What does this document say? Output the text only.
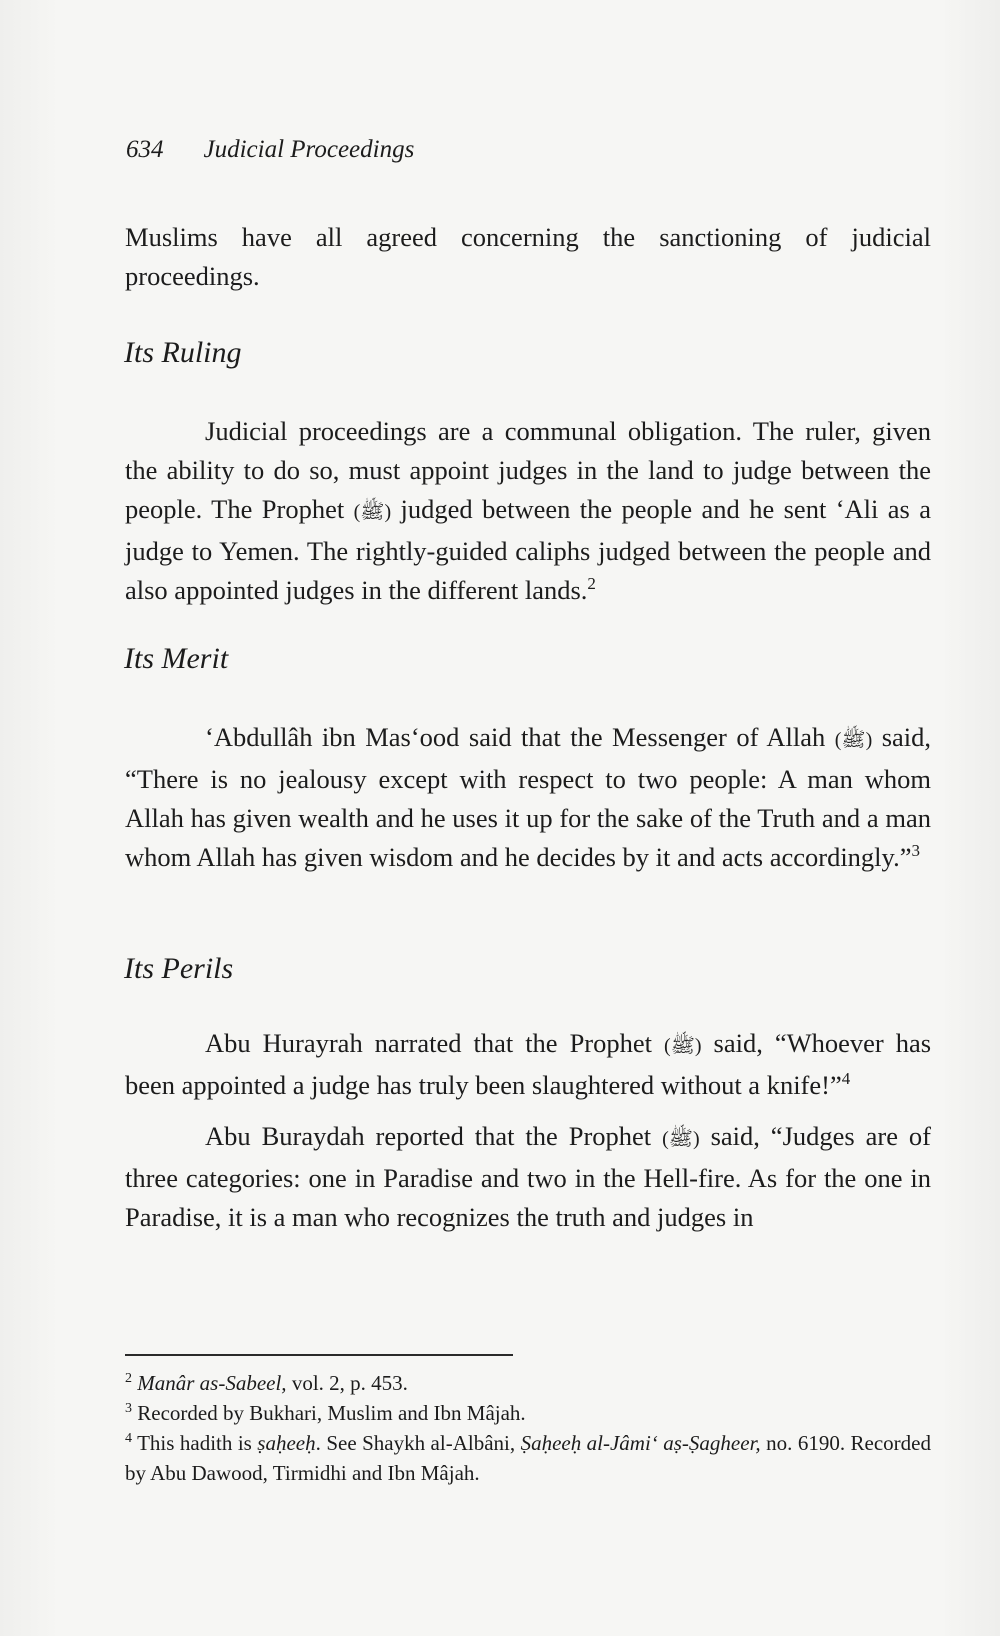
634 Judicial Proceedings

Muslims have all agreed concerning the sanctioning of judicial proceedings.

Its Ruling

Judicial proceedings are a communal obligation. The ruler, given the ability to do so, must appoint judges in the land to judge between the people. The Prophet (ﷺ) judged between the people and he sent ‘Ali as a judge to Yemen. The rightly-guided caliphs judged between the people and also appointed judges in the different lands.$^2$

Its Merit

‘Abdullâh ibn Mas‘ood said that the Messenger of Allah (ﷺ) said, “There is no jealousy except with respect to two people: A man whom Allah has given wealth and he uses it up for the sake of the Truth and a man whom Allah has given wisdom and he decides by it and acts accordingly.”$^3$

Its Perils

Abu Hurayrah narrated that the Prophet (ﷺ) said, “Whoever has been appointed a judge has truly been slaughtered without a knife!”$^4$

Abu Buraydah reported that the Prophet (ﷺ) said, “Judges are of three categories: one in Paradise and two in the Hell-fire. As for the one in Paradise, it is a man who recognizes the truth and judges in

$^2$ Manâr as-Sabeel, vol. 2, p. 453.

$^3$ Recorded by Bukhari, Muslim and Ibn Mâjah.

$^4$ This hadith is ṣaḥeeḥ. See Shaykh al-Albâni, Ṣaḥeeḥ al-Jâmi‘ aṣ-Ṣagheer, no. 6190. Recorded by Abu Dawood, Tirmidhi and Ibn Mâjah.
